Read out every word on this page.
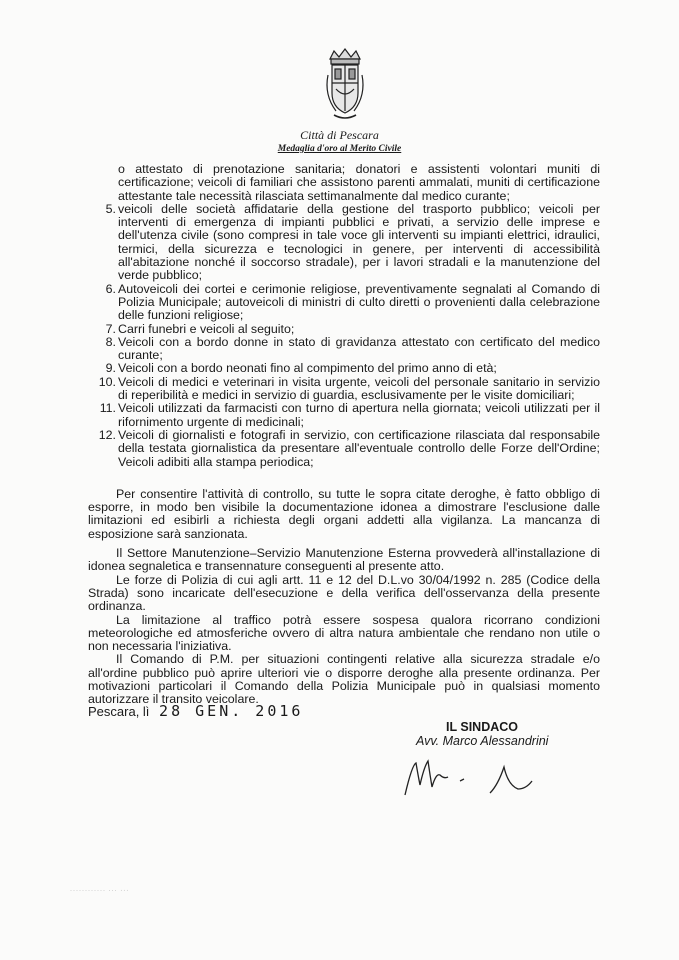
Città di Pescara
Medaglia d'oro al Merito Civile
o attestato di prenotazione sanitaria; donatori e assistenti volontari muniti di certificazione; veicoli di familiari che assistono parenti ammalati, muniti di certificazione attestante tale necessità rilasciata settimanalmente dal medico curante;
5. veicoli delle società affidatarie della gestione del trasporto pubblico; veicoli per interventi di emergenza di impianti pubblici e privati, a servizio delle imprese e dell'utenza civile (sono compresi in tale voce gli interventi su impianti elettrici, idraulici, termici, della sicurezza e tecnologici in genere, per interventi di accessibilità all'abitazione nonché il soccorso stradale), per i lavori stradali e la manutenzione del verde pubblico;
6. Autoveicoli dei cortei e cerimonie religiose, preventivamente segnalati al Comando di Polizia Municipale; autoveicoli di ministri di culto diretti o provenienti dalla celebrazione delle funzioni religiose;
7. Carri funebri e veicoli al seguito;
8. Veicoli con a bordo donne in stato di gravidanza attestato con certificato del medico curante;
9. Veicoli con a bordo neonati fino al compimento del primo anno di età;
10. Veicoli di medici e veterinari in visita urgente, veicoli del personale sanitario in servizio di reperibilità e medici in servizio di guardia, esclusivamente per le visite domiciliari;
11. Veicoli utilizzati da farmacisti con turno di apertura nella giornata; veicoli utilizzati per il rifornimento urgente di medicinali;
12. Veicoli di giornalisti e fotografi in servizio, con certificazione rilasciata dal responsabile della testata giornalistica da presentare all'eventuale controllo delle Forze dell'Ordine; Veicoli adibiti alla stampa periodica;

Per consentire l'attività di controllo, su tutte le sopra citate deroghe, è fatto obbligo di esporre, in modo ben visibile la documentazione idonea a dimostrare l'esclusione dalle limitazioni ed esibirli a richiesta degli organi addetti alla vigilanza. La mancanza di esposizione sarà sanzionata.

Il Settore Manutenzione–Servizio Manutenzione Esterna provvederà all'installazione di idonea segnaletica e transennature conseguenti al presente atto.

Le forze di Polizia di cui agli artt. 11 e 12 del D.L.vo 30/04/1992 n. 285 (Codice della Strada) sono incaricate dell'esecuzione e della verifica dell'osservanza della presente ordinanza.

La limitazione al traffico potrà essere sospesa qualora ricorrano condizioni meteorologiche ed atmosferiche ovvero di altra natura ambientale che rendano non utile o non necessaria l'iniziativa.

Il Comando di P.M. per situazioni contingenti relative alla sicurezza stradale e/o all'ordine pubblico può aprire ulteriori vie o disporre deroghe alla presente ordinanza. Per motivazioni particolari il Comando della Polizia Municipale può in qualsiasi momento autorizzare il transito veicolare.

Pescara, lì 28 GEN. 2016
IL SINDACO
Avv. Marco Alessandrini
············ ··· ···
